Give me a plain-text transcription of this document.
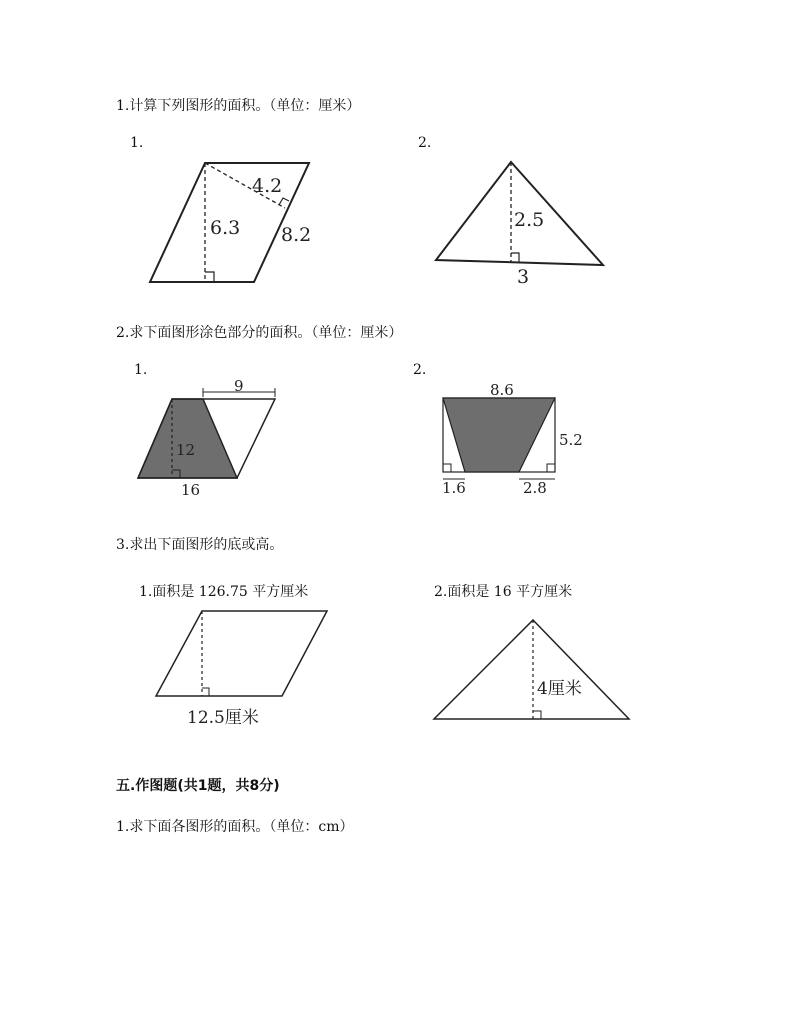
1.计算下列图形的面积。（单位：厘米）
1.	2.
4.2
6.3 8.2
2.5
3
2.求下面图形涂色部分的面积。（单位：厘米）
1.	2.
9
12
16
8.6
5.2
1.6	2.8
3.求出下面图形的底或高。
1.面积是 126.75 平方厘米	2.面积是 16 平方厘米
12.5厘米
4厘米
五.作图题(共1题，共8分)
1.求下面各图形的面积。（单位：cm）
